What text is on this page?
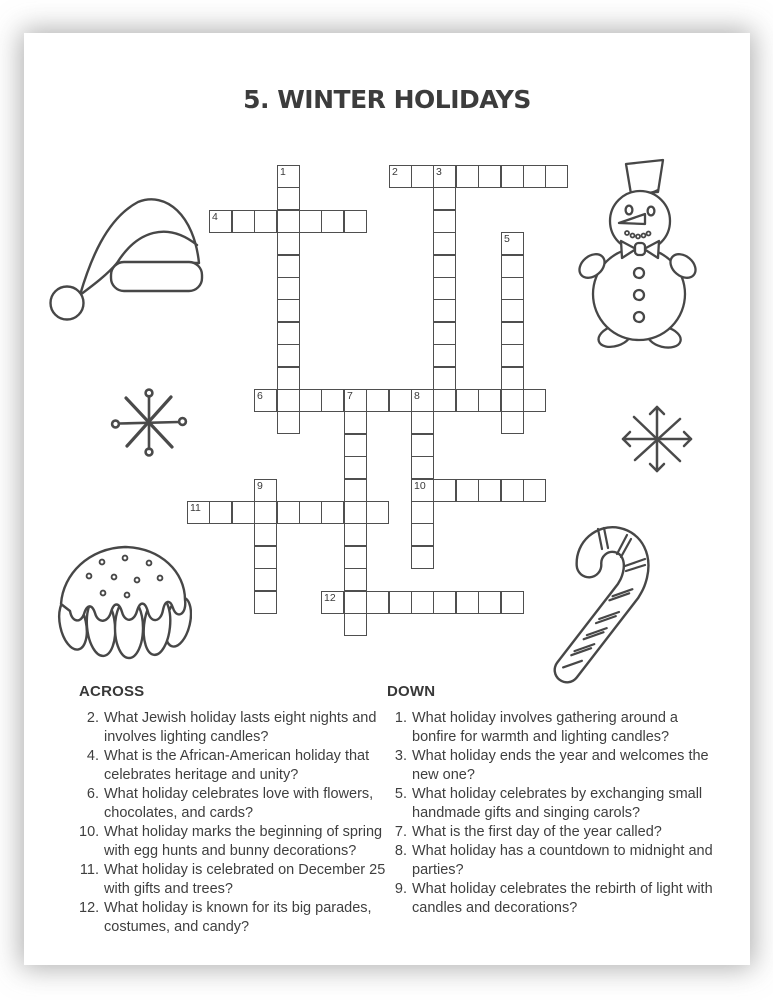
5. WINTER HOLIDAYS
1	2	3
4
5
6	7	8
10
9
11
12
ACROSS
2. What Jewish holiday lasts eight nights and involves lighting candles?
4. What is the African-American holiday that celebrates heritage and unity?
6. What holiday celebrates love with flowers, chocolates, and cards?
10. What holiday marks the beginning of spring with egg hunts and bunny decorations?
11. What holiday is celebrated on December 25 with gifts and trees?
12. What holiday is known for its big parades, costumes, and candy?
DOWN
1. What holiday involves gathering around a bonfire for warmth and lighting candles?
3. What holiday ends the year and welcomes the new one?
5. What holiday celebrates by exchanging small handmade gifts and singing carols?
7. What is the first day of the year called?
8. What holiday has a countdown to midnight and parties?
9. What holiday celebrates the rebirth of light with candles and decorations?
